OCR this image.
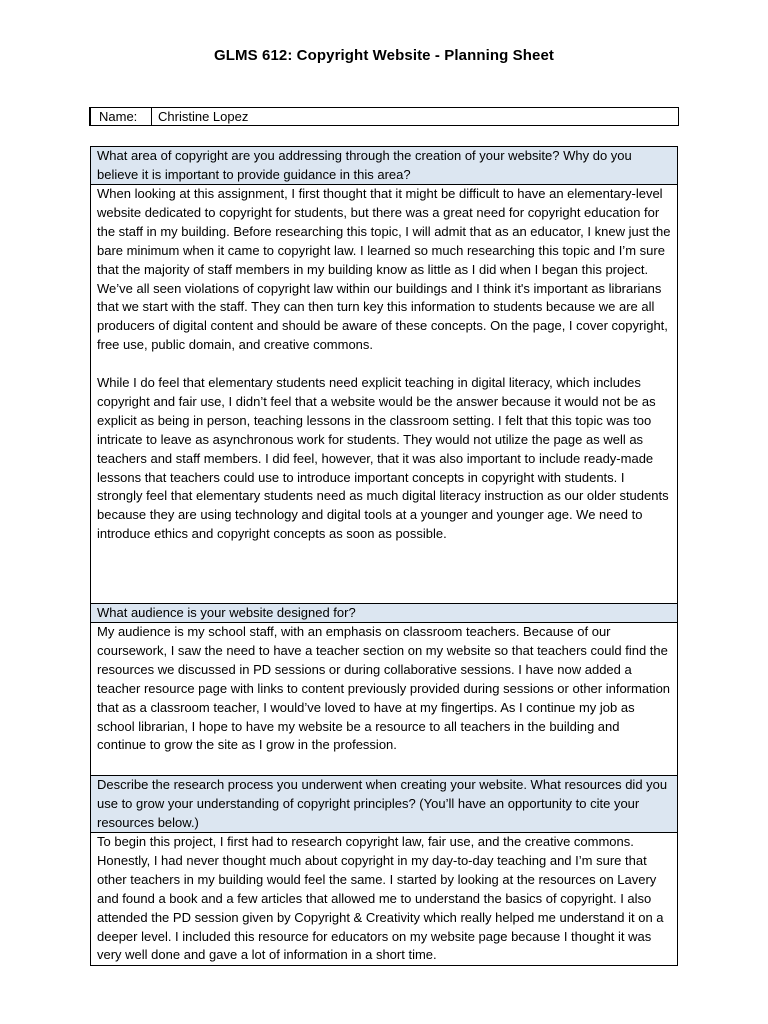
GLMS 612: Copyright Website - Planning Sheet
Name:	Christine Lopez
What area of copyright are you addressing through the creation of your website? Why do you believe it is important to provide guidance in this area?

When looking at this assignment, I first thought that it might be difficult to have an elementary-level website dedicated to copyright for students, but there was a great need for copyright education for the staff in my building. Before researching this topic, I will admit that as an educator, I knew just the bare minimum when it came to copyright law. I learned so much researching this topic and I’m sure that the majority of staff members in my building know as little as I did when I began this project. We’ve all seen violations of copyright law within our buildings and I think it's important as librarians that we start with the staff. They can then turn key this information to students because we are all producers of digital content and should be aware of these concepts. On the page, I cover copyright, free use, public domain, and creative commons.

While I do feel that elementary students need explicit teaching in digital literacy, which includes copyright and fair use, I didn’t feel that a website would be the answer because it would not be as explicit as being in person, teaching lessons in the classroom setting. I felt that this topic was too intricate to leave as asynchronous work for students. They would not utilize the page as well as teachers and staff members. I did feel, however, that it was also important to include ready-made lessons that teachers could use to introduce important concepts in copyright with students. I strongly feel that elementary students need as much digital literacy instruction as our older students because they are using technology and digital tools at a younger and younger age. We need to introduce ethics and copyright concepts as soon as possible.

What audience is your website designed for?

My audience is my school staff, with an emphasis on classroom teachers. Because of our coursework, I saw the need to have a teacher section on my website so that teachers could find the resources we discussed in PD sessions or during collaborative sessions. I have now added a teacher resource page with links to content previously provided during sessions or other information that as a classroom teacher, I would’ve loved to have at my fingertips. As I continue my job as school librarian, I hope to have my website be a resource to all teachers in the building and continue to grow the site as I grow in the profession.

Describe the research process you underwent when creating your website. What resources did you use to grow your understanding of copyright principles? (You’ll have an opportunity to cite your resources below.)

To begin this project, I first had to research copyright law, fair use, and the creative commons. Honestly, I had never thought much about copyright in my day-to-day teaching and I’m sure that other teachers in my building would feel the same. I started by looking at the resources on Lavery and found a book and a few articles that allowed me to understand the basics of copyright. I also attended the PD session given by Copyright & Creativity which really helped me understand it on a deeper level. I included this resource for educators on my website page because I thought it was very well done and gave a lot of information in a short time.
